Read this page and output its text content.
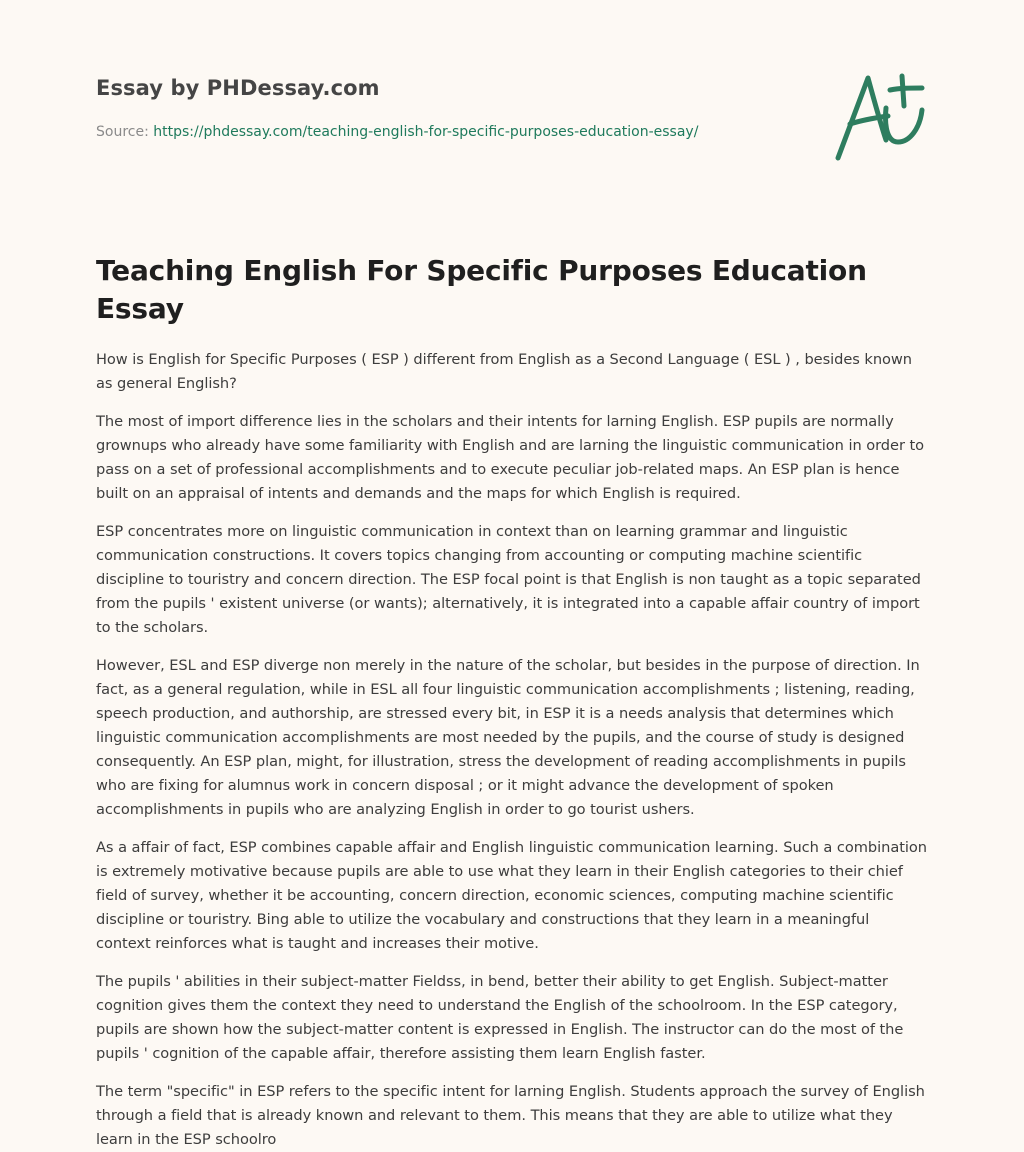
Essay by PHDessay.com
Source: https://phdessay.com/teaching-english-for-specific-purposes-education-essay/
Teaching English For Specific Purposes Education Essay

How is English for Specific Purposes ( ESP ) different from English as a Second Language ( ESL ) , besides known as general English?

The most of import difference lies in the scholars and their intents for larning English. ESP pupils are normally grownups who already have some familiarity with English and are larning the linguistic communication in order to pass on a set of professional accomplishments and to execute peculiar job-related maps. An ESP plan is hence built on an appraisal of intents and demands and the maps for which English is required.

ESP concentrates more on linguistic communication in context than on learning grammar and linguistic communication constructions. It covers topics changing from accounting or computing machine scientific discipline to touristry and concern direction. The ESP focal point is that English is non taught as a topic separated from the pupils ' existent universe (or wants); alternatively, it is integrated into a capable affair country of import to the scholars.

However, ESL and ESP diverge non merely in the nature of the scholar, but besides in the purpose of direction. In fact, as a general regulation, while in ESL all four linguistic communication accomplishments ; listening, reading, speech production, and authorship, are stressed every bit, in ESP it is a needs analysis that determines which linguistic communication accomplishments are most needed by the pupils, and the course of study is designed consequently. An ESP plan, might, for illustration, stress the development of reading accomplishments in pupils who are fixing for alumnus work in concern disposal ; or it might advance the development of spoken accomplishments in pupils who are analyzing English in order to go tourist ushers.

As a affair of fact, ESP combines capable affair and English linguistic communication learning. Such a combination is extremely motivative because pupils are able to use what they learn in their English categories to their chief field of survey, whether it be accounting, concern direction, economic sciences, computing machine scientific discipline or touristry. Bing able to utilize the vocabulary and constructions that they learn in a meaningful context reinforces what is taught and increases their motive.

The pupils ' abilities in their subject-matter Fieldss, in bend, better their ability to get English. Subject-matter cognition gives them the context they need to understand the English of the schoolroom. In the ESP category, pupils are shown how the subject-matter content is expressed in English. The instructor can do the most of the pupils ' cognition of the capable affair, therefore assisting them learn English faster.

The term "specific" in ESP refers to the specific intent for larning English. Students approach the survey of English through a field that is already known and relevant to them. This means that they are able to utilize what they learn in the ESP schoolro
